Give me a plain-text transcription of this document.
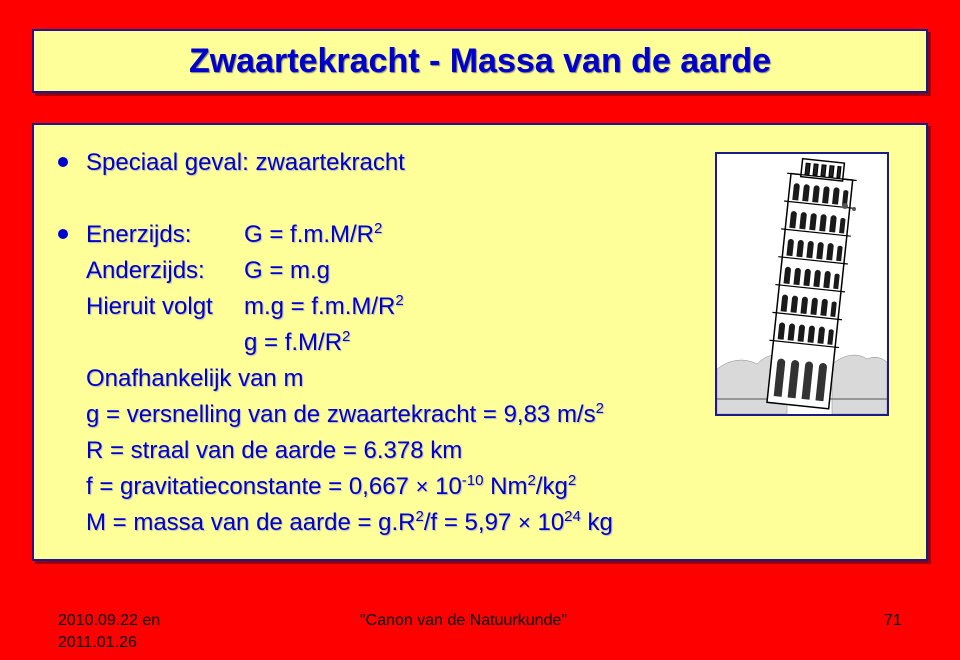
Zwaartekracht - Massa van de aarde
Speciaal geval: zwaartekracht
Enerzijds: $G = f.m.M/R^2$
Anderzijds: G = m.g
Hieruit volgt $m.g = f.m.M/R^2$
$g = f.M/R^2$
Onafhankelijk van m
g = versnelling van de zwaartekracht = 9,83 $m/s^2$
R = straal van de aarde = 6.378 km
f = gravitatieconstante = $0,667 \times 10^{-10}$ $Nm^2/kg^2$
M = massa van de aarde = $g.R^2/f = 5,97 \times 10^{24}$ kg
2010.09.22 en
2011.01.26
"Canon van de Natuurkunde"	71
